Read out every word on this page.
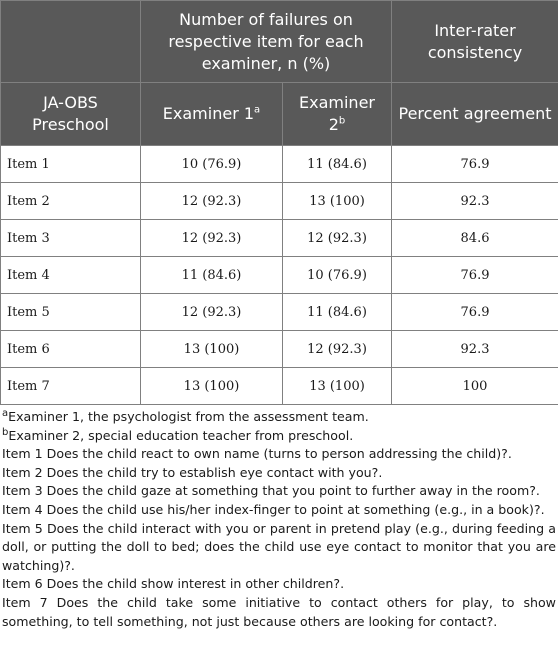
	Number of failures on respective item for each examiner, n (%)		Inter-rater consistency
JA-OBS Preschool	Examiner 1$^a$	Examiner 2$^b$	Percent agreement
Item 1	10 (76.9)	11 (84.6)	76.9
Item 2	12 (92.3)	13 (100)	92.3
Item 3	12 (92.3)	12 (92.3)	84.6
Item 4	11 (84.6)	10 (76.9)	76.9
Item 5	12 (92.3)	11 (84.6)	76.9
Item 6	13 (100)	12 (92.3)	92.3
Item 7	13 (100)	13 (100)	100

$^a$Examiner 1, the psychologist from the assessment team.

$^b$Examiner 2, special education teacher from preschool.

Item 1 Does the child react to own name (turns to person addressing the child)?.

Item 2 Does the child try to establish eye contact with you?.

Item 3 Does the child gaze at something that you point to further away in the room?.

Item 4 Does the child use his/her index-finger to point at something (e.g., in a book)?.

Item 5 Does the child interact with you or parent in pretend play (e.g., during feeding a doll, or putting the doll to bed; does the child use eye contact to monitor that you are watching)?.

Item 6 Does the child show interest in other children?.

Item 7 Does the child take some initiative to contact others for play, to show something, to tell something, not just because others are looking for contact?.
